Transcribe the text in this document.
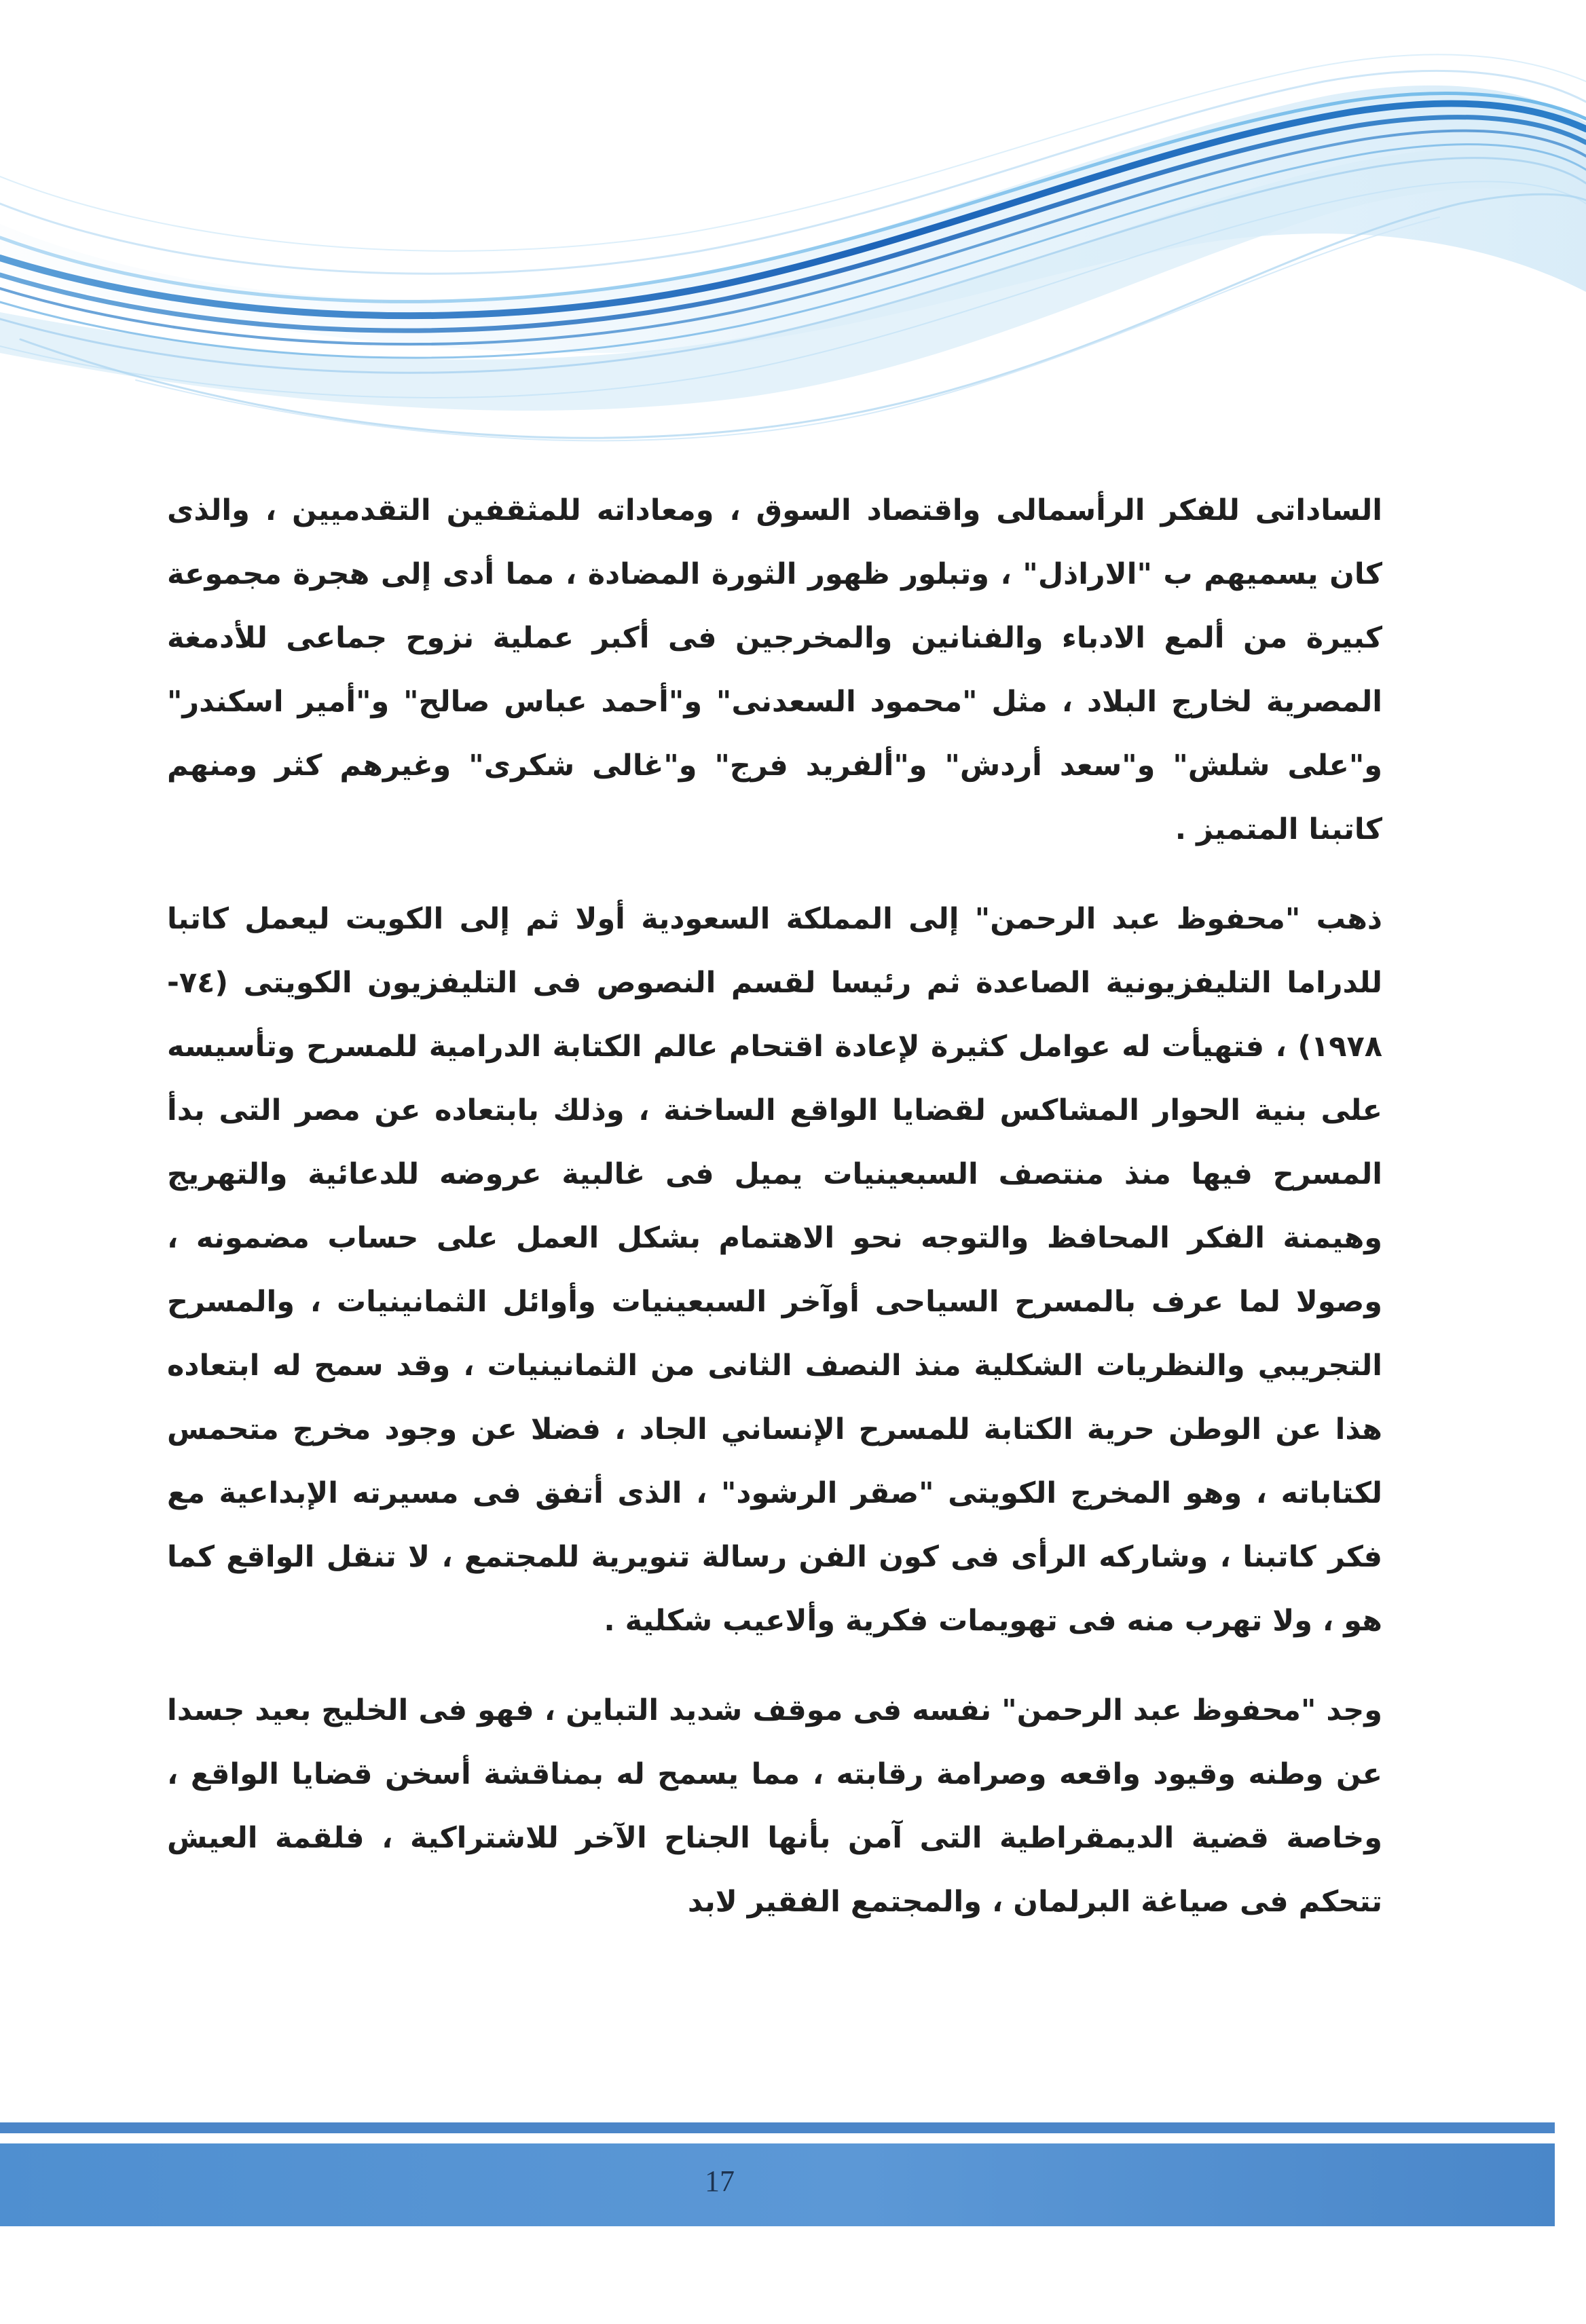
الساداتى للفكر الرأسمالى واقتصاد السوق ، ومعاداته للمثقفين التقدميين ، والذى كان يسميهم ب "الاراذل" ، وتبلور ظهور الثورة المضادة ، مما أدى إلى هجرة مجموعة كبيرة من ألمع الادباء والفنانين والمخرجين فى أكبر عملية نزوح جماعى للأدمغة المصرية لخارج البلاد ، مثل "محمود السعدنى" و"أحمد عباس صالح" و"أمير اسكندر" و"على شلش" و"سعد أردش" و"ألفريد فرج" و"غالى شكرى" وغيرهم كثر ومنهم كاتبنا المتميز .

ذهب "محفوظ عبد الرحمن" إلى المملكة السعودية أولا ثم إلى الكويت ليعمل كاتبا للدراما التليفزيونية الصاعدة ثم رئيسا لقسم النصوص فى التليفزيون الكويتى (٧٤- ١٩٧٨) ، فتهيأت له عوامل كثيرة لإعادة اقتحام عالم الكتابة الدرامية للمسرح وتأسيسه على بنية الحوار المشاكس لقضايا الواقع الساخنة ، وذلك بابتعاده عن مصر التى بدأ المسرح فيها منذ منتصف السبعينيات يميل فى غالبية عروضه للدعائية والتهريج وهيمنة الفكر المحافظ والتوجه نحو الاهتمام بشكل العمل على حساب مضمونه ، وصولا لما عرف بالمسرح السياحى أوآخر السبعينيات وأوائل الثمانينيات ، والمسرح التجريبي والنظريات الشكلية منذ النصف الثانى من الثمانينيات ، وقد سمح له ابتعاده هذا عن الوطن حرية الكتابة للمسرح الإنساني الجاد ، فضلا عن وجود مخرج متحمس لكتاباته ، وهو المخرج الكويتى "صقر الرشود" ، الذى أتفق فى مسيرته الإبداعية مع فكر كاتبنا ، وشاركه الرأى فى كون الفن رسالة تنويرية للمجتمع ، لا تنقل الواقع كما هو ، ولا تهرب منه فى تهويمات فكرية وألاعيب شكلية .

وجد "محفوظ عبد الرحمن" نفسه فى موقف شديد التباين ، فهو فى الخليج بعيد جسدا عن وطنه وقيود واقعه وصرامة رقابته ، مما يسمح له بمناقشة أسخن قضايا الواقع ، وخاصة قضية الديمقراطية التى آمن بأنها الجناح الآخر للاشتراكية ، فلقمة العيش تتحكم فى صياغة البرلمان ، والمجتمع الفقير لابد

17
